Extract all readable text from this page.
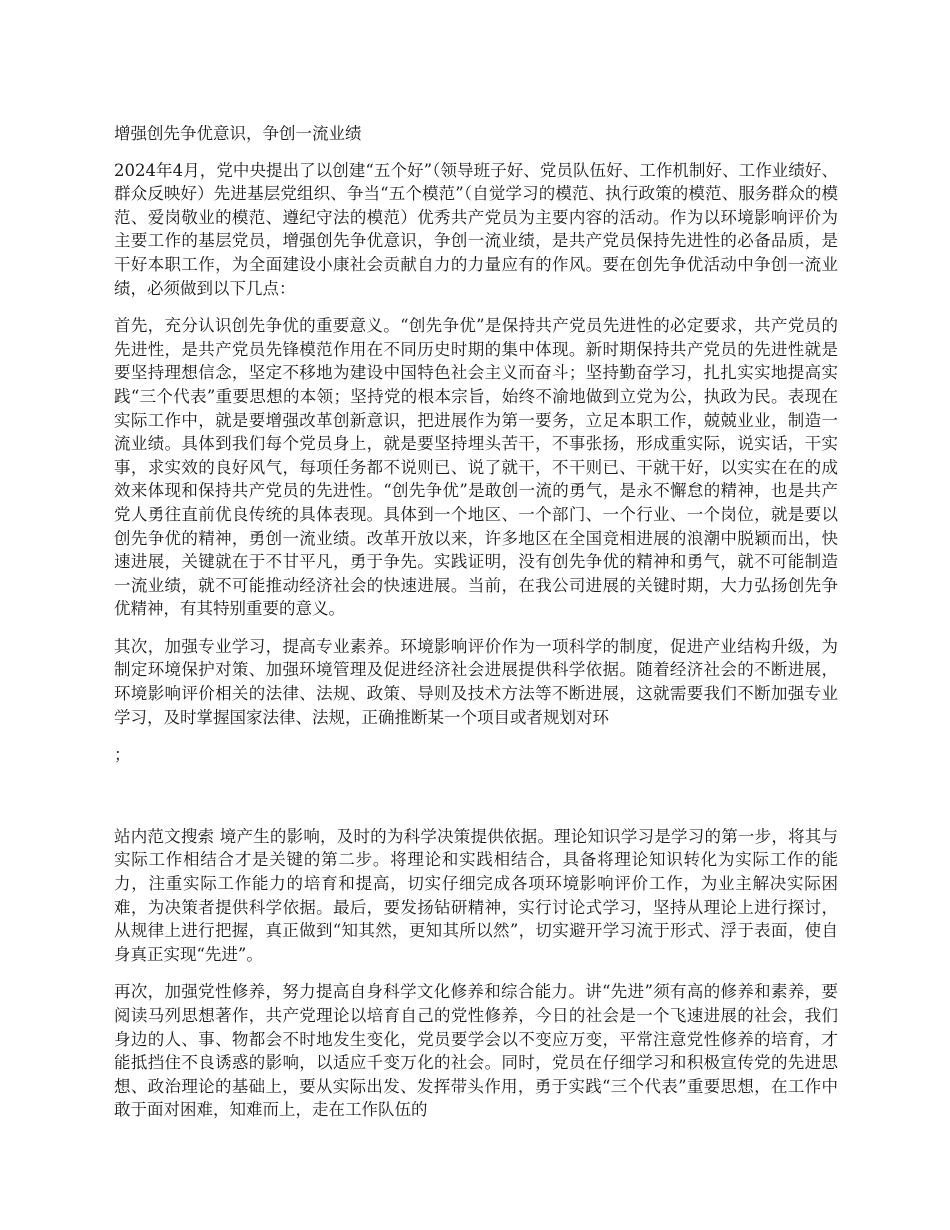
增强创先争优意识，争创一流业绩

2024年4月，党中央提出了以创建“五个好”（领导班子好、党员队伍好、工作机制好、工作业绩好、群众反映好）先进基层党组织、争当“五个模范”（自觉学习的模范、执行政策的模范、服务群众的模范、爱岗敬业的模范、遵纪守法的模范）优秀共产党员为主要内容的活动。作为以环境影响评价为主要工作的基层党员，增强创先争优意识，争创一流业绩，是共产党员保持先进性的必备品质，是干好本职工作，为全面建设小康社会贡献自力的力量应有的作风。要在创先争优活动中争创一流业绩，必须做到以下几点：

首先，充分认识创先争优的重要意义。“创先争优”是保持共产党员先进性的必定要求，共产党员的先进性，是共产党员先锋模范作用在不同历史时期的集中体现。新时期保持共产党员的先进性就是要坚持理想信念，坚定不移地为建设中国特色社会主义而奋斗；坚持勤奋学习，扎扎实实地提高实践“三个代表”重要思想的本领；坚持党的根本宗旨，始终不渝地做到立党为公，执政为民。表现在实际工作中，就是要增强改革创新意识，把进展作为第一要务，立足本职工作，兢兢业业，制造一流业绩。具体到我们每个党员身上，就是要坚持埋头苦干，不事张扬，形成重实际，说实话，干实事，求实效的良好风气，每项任务都不说则已、说了就干，不干则已、干就干好，以实实在在的成效来体现和保持共产党员的先进性。“创先争优”是敢创一流的勇气，是永不懈怠的精神，也是共产党人勇往直前优良传统的具体表现。具体到一个地区、一个部门、一个行业、一个岗位，就是要以创先争优的精神，勇创一流业绩。改革开放以来，许多地区在全国竞相进展的浪潮中脱颖而出，快速进展，关键就在于不甘平凡，勇于争先。实践证明，没有创先争优的精神和勇气，就不可能制造一流业绩，就不可能推动经济社会的快速进展。当前，在我公司进展的关键时期，大力弘扬创先争优精神，有其特别重要的意义。

其次，加强专业学习，提高专业素养。环境影响评价作为一项科学的制度，促进产业结构升级，为制定环境保护对策、加强环境管理及促进经济社会进展提供科学依据。随着经济社会的不断进展，环境影响评价相关的法律、法规、政策、导则及技术方法等不断进展，这就需要我们不断加强专业学习，及时掌握国家法律、法规，正确推断某一个项目或者规划对环

；

站内范文搜索 境产生的影响，及时的为科学决策提供依据。理论知识学习是学习的第一步，将其与实际工作相结合才是关键的第二步。将理论和实践相结合，具备将理论知识转化为实际工作的能力，注重实际工作能力的培育和提高，切实仔细完成各项环境影响评价工作，为业主解决实际困难，为决策者提供科学依据。最后，要发扬钻研精神，实行讨论式学习，坚持从理论上进行探讨，从规律上进行把握，真正做到“知其然，更知其所以然”，切实避开学习流于形式、浮于表面，使自身真正实现“先进”。

再次，加强党性修养，努力提高自身科学文化修养和综合能力。讲“先进”须有高的修养和素养，要阅读马列思想著作，共产党理论以培育自己的党性修养，今日的社会是一个飞速进展的社会，我们身边的人、事、物都会不时地发生变化，党员要学会以不变应万变，平常注意党性修养的培育，才能抵挡住不良诱惑的影响，以适应千变万化的社会。同时，党员在仔细学习和积极宣传党的先进思想、政治理论的基础上，要从实际出发、发挥带头作用，勇于实践“三个代表”重要思想，在工作中敢于面对困难，知难而上，走在工作队伍的
